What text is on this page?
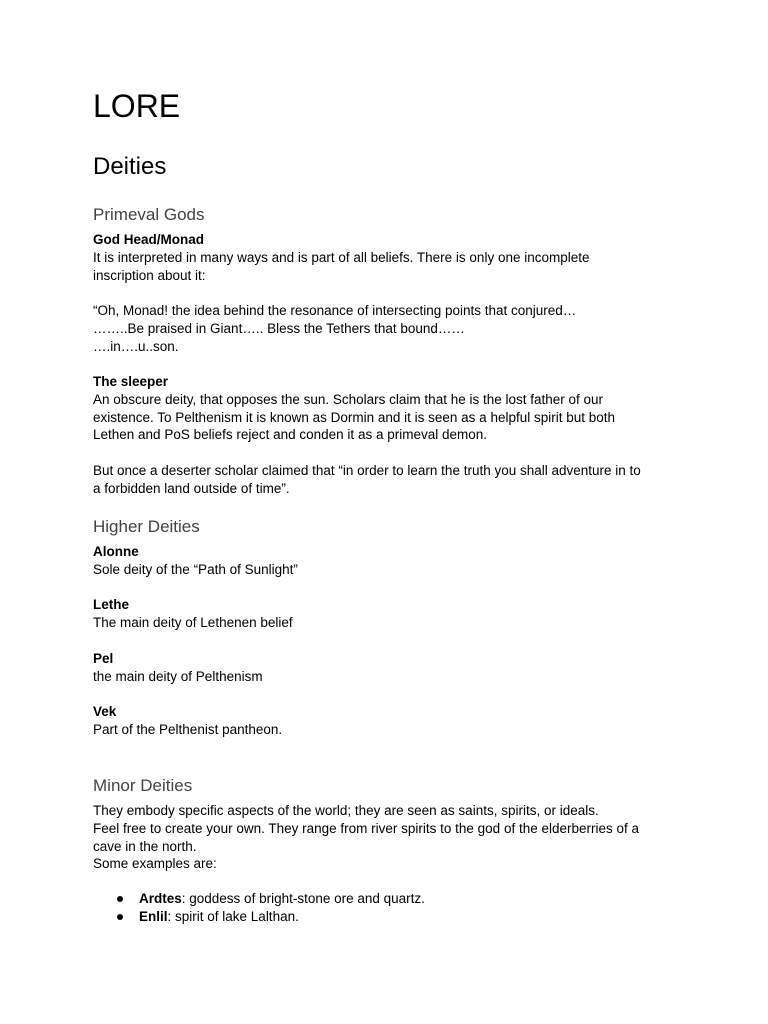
LORE
Deities
Primeval Gods
God Head/Monad
It is interpreted in many ways and is part of all beliefs. There is only one incomplete
inscription about it:
“Oh, Monad! the idea behind the resonance of intersecting points that conjured…
……..Be praised in Giant….. Bless the Tethers that bound……
….in….u..son.
The sleeper
An obscure deity, that opposes the sun. Scholars claim that he is the lost father of our
existence. To Pelthenism it is known as Dormin and it is seen as a helpful spirit but both
Lethen and PoS beliefs reject and conden it as a primeval demon.
But once a deserter scholar claimed that “in order to learn the truth you shall adventure in to
a forbidden land outside of time”.
Higher Deities
Alonne
Sole deity of the “Path of Sunlight”
Lethe
The main deity of Lethenen belief
Pel
the main deity of Pelthenism
Vek
Part of the Pelthenist pantheon.
Minor Deities
They embody specific aspects of the world; they are seen as saints, spirits, or ideals.
Feel free to create your own. They range from river spirits to the god of the elderberries of a
cave in the north.
Some examples are:
Ardtes: goddess of bright-stone ore and quartz.
Enlil: spirit of lake Lalthan.
